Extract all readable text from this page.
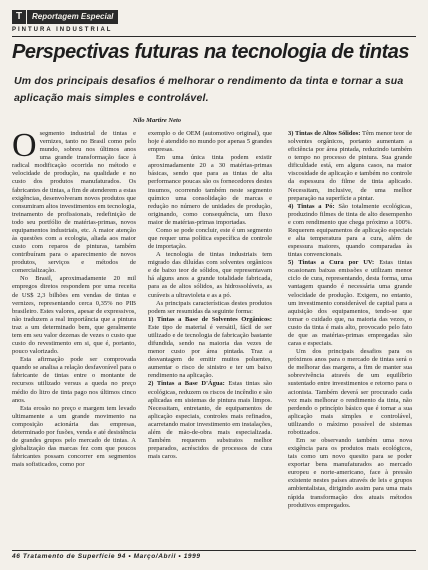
T	Reportagem Especial
PINTURA INDUSTRIAL
Perspectivas futuras na tecnologia de tintas
Um dos principais desafios é melhorar o rendimento da tinta e tornar a sua aplicação mais simples e controlável.
Nilo Martire Neto
O segmento industrial de tintas e vernizes, tanto no Brasil como pelo mundo, sobreu nos últimos anos uma grande transformação face à radical modificação ocorrida no método e velocidade de produção, na qualidade e no custo dos produtos manufaturados. Os fabricantes de tintas, a fim de atenderem a estas exigências, desenvolveram novos produtos que consumiram altos investimentos em tecnologia, treinamento de profissionais, redefinição de todo seu portfólio de matérias-primas, novos equipamentos industriais, etc. A maior atenção às questões com a ecologia, aliada aos maior custo com reparos de pinturas, também contribuíram para o aparecimento de novos produtos, serviços e métodos de comercialização.

No Brasil, aproximadamente 20 mil empregos diretos respondem por uma receita de US$ 2,3 bilhões em vendas de tintas e vernizes, representando cerca 0,35% no PIB brasileiro. Estes valores, apesar de expressivos, não traduzem a real importância que a pintura traz a um determinado bem, que geralmente tem em seu valor dezenas de vezes o custo que custo do revestimento em si, que é, portanto, pouco valorizado.

Esta afirmação pode ser comprovada quando se analisa a relação desfavorável para o fabricante de tintas entre o montante de recursos utilizado versus a queda no preço médio do litro de tinta pago nos últimos cinco anos.

Esta erosão no preço e margem tem levado ultimamente a um grande movimento na composição acionária das empresas, determinado por fusões, venda e até desistência de grandes grupos pelo mercado de tintas. A globalização das marcas fez com que poucos fabricantes possam concorrer em segmentos mais sofisticados, como por

exemplo o de OEM (automotivo original), que hoje é atendido no mundo por apenas 5 grandes empresas.

Em uma única tinta podem existir aproximadamente 20 a 30 matérias-primas básicas, sendo que para as tintas de alta performance poucas são os fornecedores destes insumos, ocorrendo também neste segmento químico uma consolidação de marcas e redução no número de unidades de produção, originando, como consequência, um fluxo maior de matérias-primas importadas.

Como se pode concluir, este é um segmento que requer uma política específica de controle de importação.

A tecnologia de tintas industriais tem migrado das diluídas com solventes orgânicos e de baixo teor de sólidos, que representavam há alguns anos a grande totalidade fabricada, para as de altos sólidos, as hidrossolúveis, as curáveis a ultravioleta e as a pó.

As principais características destes produtos podem ser resumidas da seguinte forma:

1) Tintas a Base de Solventes Orgânicos: Este tipo de material é versátil, fácil de ser utilizado e de tecnologia de fabricação bastante difundida, sendo na maioria das vezes de menor custo por área pintada. Traz a desvantagem de emitir muitos poluentes, aumentar o risco de sinistro e ter um baixo rendimento na aplicação.

2) Tintas a Base D'Água: Estas tintas são ecológicas, reduzem os riscos de incêndio e são aplicadas em sistemas de pintura mais limpos. Necessitam, entretanto, de equipamentos de aplicação especiais, controles mais refinados, acarretando maior investimento em instalações, além de mão-de-obra mais especializada. Também requerem substratos melhor preparados, acréscidos de processos de cura mais caros.

3) Tintas de Altos Sólidos: Têm menor teor de solventes orgânicos, portanto aumentam a eficiência por área pintada, reduzindo também o tempo no processo de pintura. Sua grande dificuldade está, em alguns casos, na maior viscosidade de aplicação e também no controle da espessura do filme de tinta aplicado. Necessitam, inclusive, de uma melhor preparação na superfície a pintar.

4) Tintas a Pó: São totalmente ecológicas, produzindo filmes de tinta de alto desempenho e com rendimento que chega próximo a 100%. Requerem equipamentos de aplicação especiais e alta temperatura para a cura, além de espessura maiores, quando comparadas às tintas convencionais.

5) Tintas a Cura por UV: Estas tintas ocasionam baixas emissões e utilizam menor ciclo de cura, representando, desta forma, uma vantagem quando é necessária uma grande velocidade de produção. Exigem, no entanto, um investimento considerável de capital para a aquisição dos equipamentos, tendo-se que tomar o cuidado que, na maioria das vezes, o custo da tinta é mais alto, provocado pelo fato de que as matérias-primas empregadas são caras e especiais.

Um dos principais desafios para os próximos anos para o mercado de tintas será o de melhorar das margens, a fim de manter sua sobrevivência através de um equilíbrio sustentado entre investimentos e retorno para o acionista. Também deverá ser procurado cada vez mais melhorar o rendimento da tinta, não perdendo o princípio básico que é tornar a sua aplicação mais simples e controlável, utilizando o máximo possível de sistemas robotizados.

Em se observando também uma nova exigência para os produtos mais ecológicos, tais como um novo quesito para se poder exportar bens manufaturados ao mercado europeu e norte-americano, face à pressão existente nestes países através de leis e grupos ambientalistas, dirigindo assim para uma mais rápida transformação dos atuais métodos produtivos empregados.

46 Tratamento de Superfície 94 • Março/Abril • 1999
